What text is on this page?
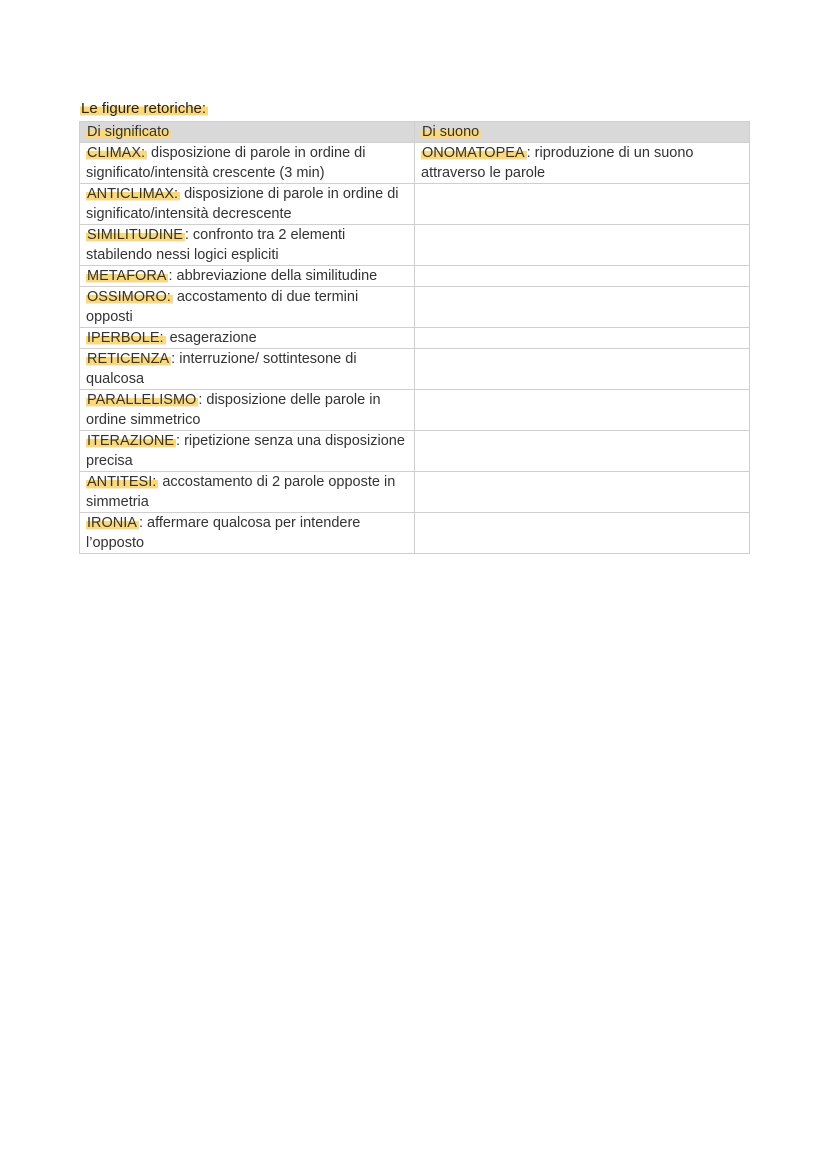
Le figure retoriche:
Di significato	Di suono
CLIMAX: disposizione di parole in ordine di significato/intensità crescente (3 min)	ONOMATOPEA : riproduzione di un suono attraverso le parole
ANTICLIMAX: disposizione di parole in ordine di significato/intensità decrescente	
SIMILITUDINE : confronto tra 2 elementi stabilendo nessi logici espliciti	
METAFORA : abbreviazione della similitudine	
OSSIMORO: accostamento di due termini opposti	
IPERBOLE: esagerazione	
RETICENZA : interruzione/ sottintesone di qualcosa	
PARALLELISMO : disposizione delle parole in ordine simmetrico	
ITERAZIONE : ripetizione senza una disposizione precisa	
ANTITESI: accostamento di 2 parole opposte in simmetria	
IRONIA : affermare qualcosa per intendere l’opposto	
